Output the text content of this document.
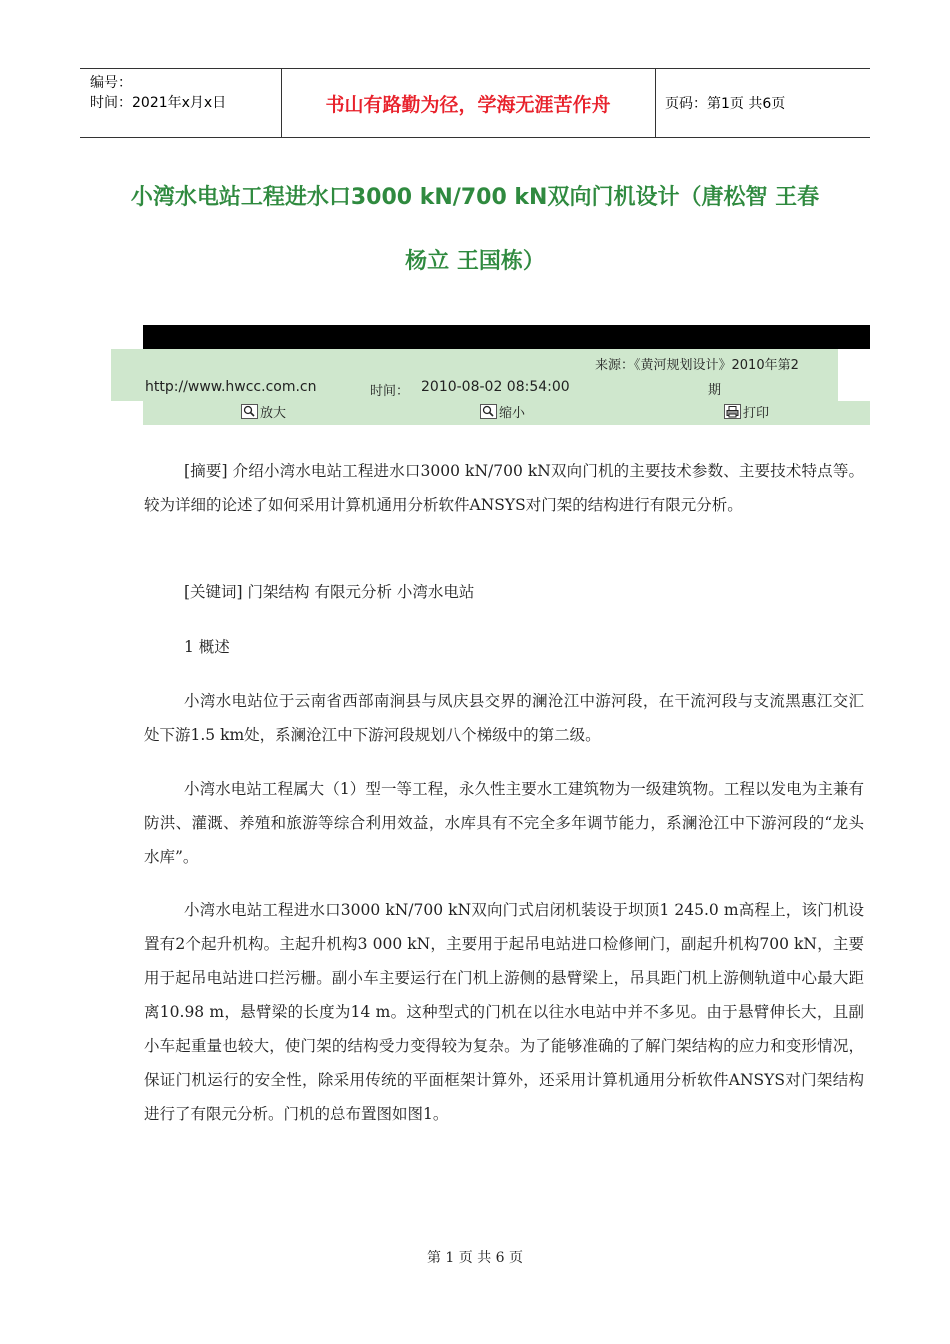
编号：
时间：2021年x月x日	书山有路勤为径，学海无涯苦作舟	页码：第1页 共6页
小湾水电站工程进水口3000 kN/700 kN双向门机设计（唐松智 王春
杨立 王国栋）
来源：《黄河规划设计》2010年第2
期
http://www.hwcc.com.cn	时间： 2010-08-02 08:54:00
放大	缩小	打印

[摘要] 介绍小湾水电站工程进水口3000 kN/700 kN双向门机的主要技术参数、主要技术特点等。较为详细的论述了如何采用计算机通用分析软件ANSYS对门架的结构进行有限元分析。

[关键词] 门架结构 有限元分析 小湾水电站

1 概述

小湾水电站位于云南省西部南涧县与凤庆县交界的澜沧江中游河段，在干流河段与支流黑惠江交汇处下游1.5 km处，系澜沧江中下游河段规划八个梯级中的第二级。

小湾水电站工程属大（1）型一等工程，永久性主要水工建筑物为一级建筑物。工程以发电为主兼有防洪、灌溉、养殖和旅游等综合利用效益，水库具有不完全多年调节能力，系澜沧江中下游河段的“龙头水库”。

小湾水电站工程进水口3000 kN/700 kN双向门式启闭机装设于坝顶1 245.0 m高程上，该门机设置有2个起升机构。主起升机构3 000 kN，主要用于起吊电站进口检修闸门，副起升机构700 kN，主要用于起吊电站进口拦污栅。副小车主要运行在门机上游侧的悬臂梁上，吊具距门机上游侧轨道中心最大距离10.98 m，悬臂梁的长度为14 m。这种型式的门机在以往水电站中并不多见。由于悬臂伸长大，且副小车起重量也较大，使门架的结构受力变得较为复杂。为了能够准确的了解门架结构的应力和变形情况，保证门机运行的安全性，除采用传统的平面框架计算外，还采用计算机通用分析软件ANSYS对门架结构进行了有限元分析。门机的总布置图如图1。

第 1 页 共 6 页
